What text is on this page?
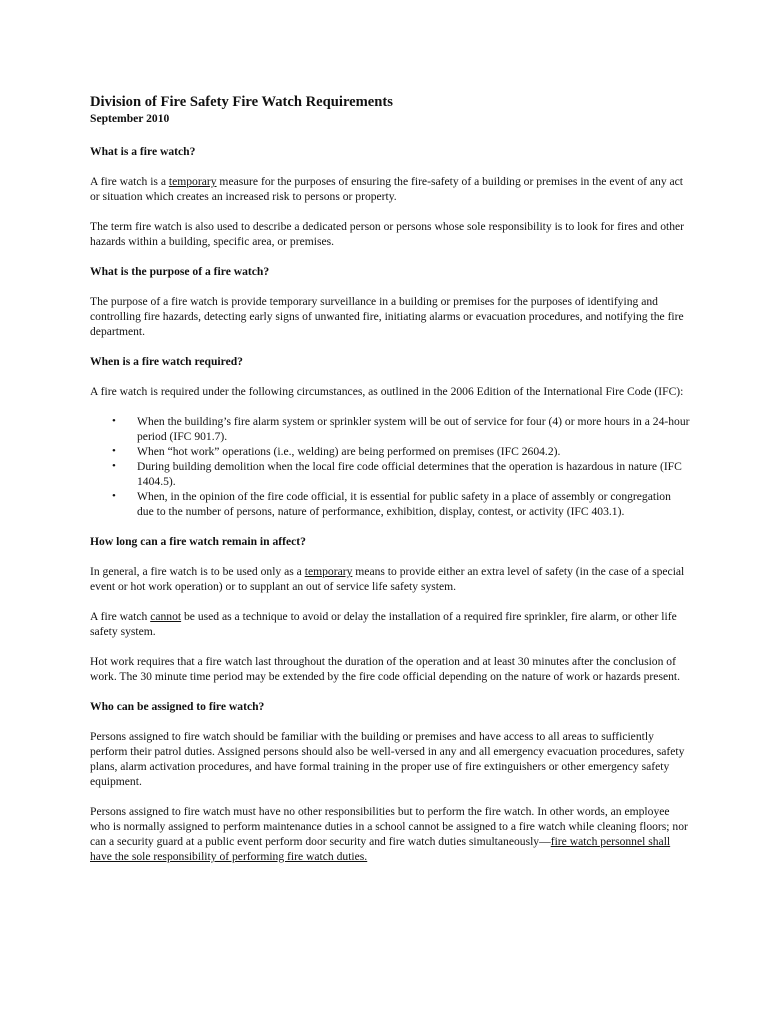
Division of Fire Safety Fire Watch Requirements
September 2010
What is a fire watch?

A fire watch is a temporary measure for the purposes of ensuring the fire-safety of a building or premises in the event of any act or situation which creates an increased risk to persons or property.

The term fire watch is also used to describe a dedicated person or persons whose sole responsibility is to look for fires and other hazards within a building, specific area, or premises.

What is the purpose of a fire watch?

The purpose of a fire watch is provide temporary surveillance in a building or premises for the purposes of identifying and controlling fire hazards, detecting early signs of unwanted fire, initiating alarms or evacuation procedures, and notifying the fire department.

When is a fire watch required?

A fire watch is required under the following circumstances, as outlined in the 2006 Edition of the International Fire Code (IFC):

• When the building’s fire alarm system or sprinkler system will be out of service for four (4) or more hours in a 24-hour period (IFC 901.7).
• When “hot work” operations (i.e., welding) are being performed on premises (IFC 2604.2).
• During building demolition when the local fire code official determines that the operation is hazardous in nature (IFC 1404.5).
• When, in the opinion of the fire code official, it is essential for public safety in a place of assembly or congregation due to the number of persons, nature of performance, exhibition, display, contest, or activity (IFC 403.1).
How long can a fire watch remain in affect?

In general, a fire watch is to be used only as a temporary means to provide either an extra level of safety (in the case of a special event or hot work operation) or to supplant an out of service life safety system.

A fire watch cannot be used as a technique to avoid or delay the installation of a required fire sprinkler, fire alarm, or other life safety system.

Hot work requires that a fire watch last throughout the duration of the operation and at least 30 minutes after the conclusion of work. The 30 minute time period may be extended by the fire code official depending on the nature of work or hazards present.

Who can be assigned to fire watch?

Persons assigned to fire watch should be familiar with the building or premises and have access to all areas to sufficiently perform their patrol duties. Assigned persons should also be well-versed in any and all emergency evacuation procedures, safety plans, alarm activation procedures, and have formal training in the proper use of fire extinguishers or other emergency safety equipment.

Persons assigned to fire watch must have no other responsibilities but to perform the fire watch. In other words, an employee who is normally assigned to perform maintenance duties in a school cannot be assigned to a fire watch while cleaning floors; nor can a security guard at a public event perform door security and fire watch duties simultaneously—fire watch personnel shall have the sole responsibility of performing fire watch duties.
